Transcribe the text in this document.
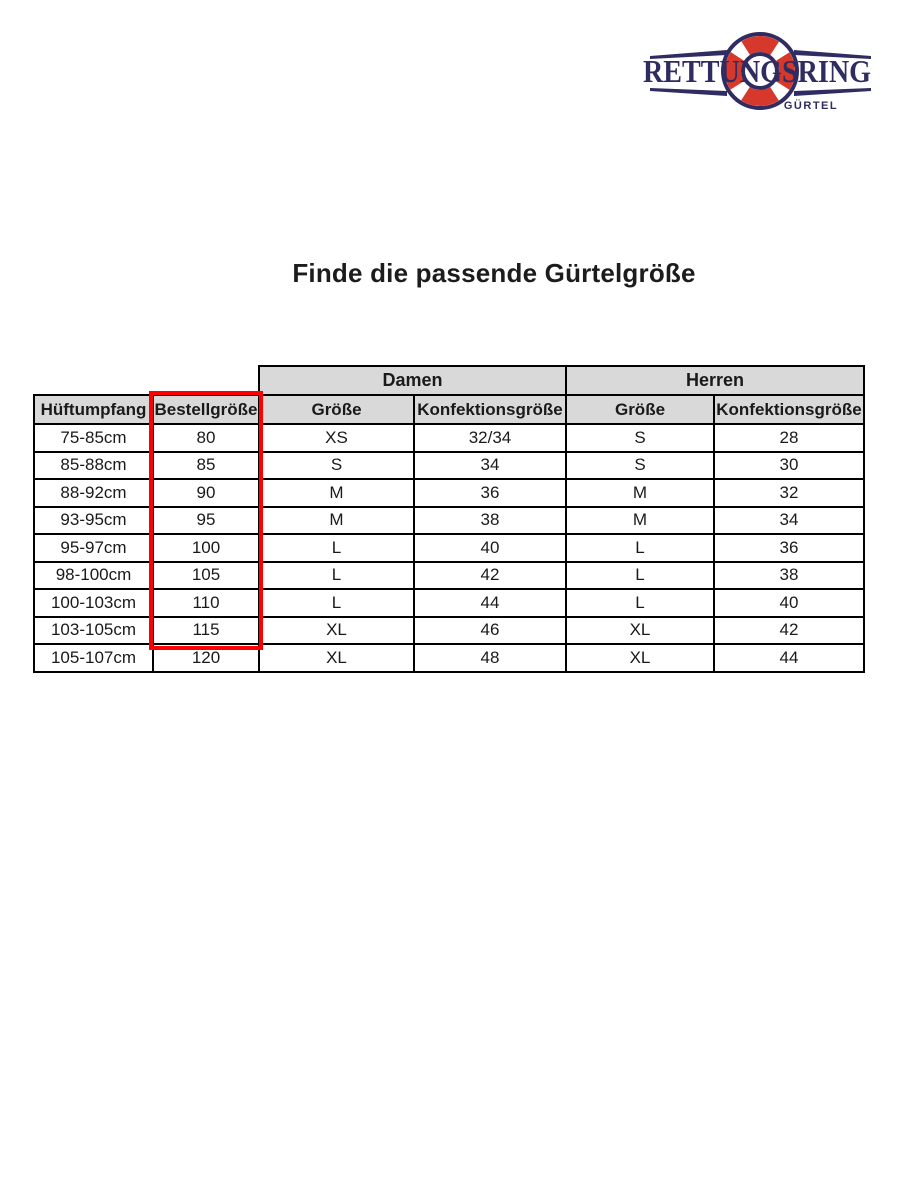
RETTUNGSRING
GÜRTEL
Finde die passende Gürtelgröße
		Damen		Herren	
Hüftumpfang	Bestellgröße	Größe	Konfektionsgröße	Größe	Konfektionsgröße
75-85cm	80	XS	32/34	S	28
85-88cm	85	S	34	S	30
88-92cm	90	M	36	M	32
93-95cm	95	M	38	M	34
95-97cm	100	L	40	L	36
98-100cm	105	L	42	L	38
100-103cm	110	L	44	L	40
103-105cm	115	XL	46	XL	42
105-107cm	120	XL	48	XL	44
